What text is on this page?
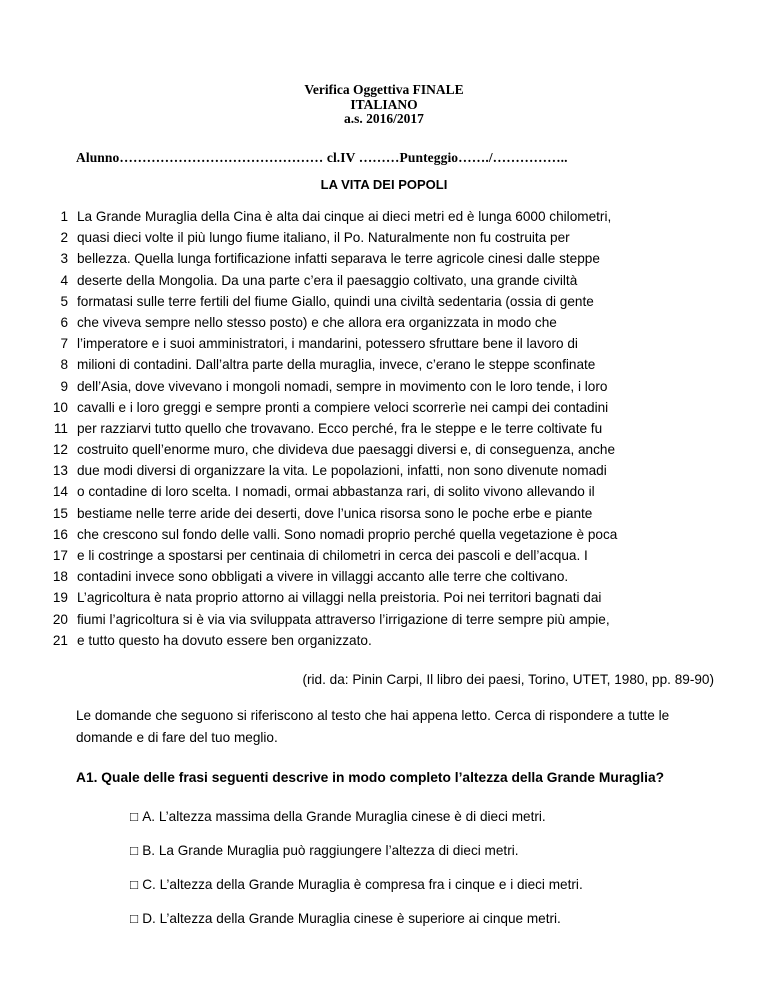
Verifica Oggettiva FINALE
ITALIANO
a.s. 2016/2017
Alunno……………………………………… cl.IV ………Punteggio……./……………..
LA VITA DEI POPOLI
1 La Grande Muraglia della Cina è alta dai cinque ai dieci metri ed è lunga 6000 chilometri,
2 quasi dieci volte il più lungo fiume italiano, il Po. Naturalmente non fu costruita per
3 bellezza. Quella lunga fortificazione infatti separava le terre agricole cinesi dalle steppe
4 deserte della Mongolia. Da una parte c’era il paesaggio coltivato, una grande civiltà
5 formatasi sulle terre fertili del fiume Giallo, quindi una civiltà sedentaria (ossia di gente
6 che viveva sempre nello stesso posto) e che allora era organizzata in modo che
7 l’imperatore e i suoi amministratori, i mandarini, potessero sfruttare bene il lavoro di
8 milioni di contadini. Dall’altra parte della muraglia, invece, c’erano le steppe sconfinate
9 dell’Asia, dove vivevano i mongoli nomadi, sempre in movimento con le loro tende, i loro
10 cavalli e i loro greggi e sempre pronti a compiere veloci scorrerìe nei campi dei contadini
11 per razziarvi tutto quello che trovavano. Ecco perché, fra le steppe e le terre coltivate fu
12 costruito quell’enorme muro, che divideva due paesaggi diversi e, di conseguenza, anche
13 due modi diversi di organizzare la vita. Le popolazioni, infatti, non sono divenute nomadi
14 o contadine di loro scelta. I nomadi, ormai abbastanza rari, di solito vivono allevando il
15 bestiame nelle terre aride dei deserti, dove l’unica risorsa sono le poche erbe e piante
16 che crescono sul fondo delle valli. Sono nomadi proprio perché quella vegetazione è poca
17 e li costringe a spostarsi per centinaia di chilometri in cerca dei pascoli e dell’acqua. I
18 contadini invece sono obbligati a vivere in villaggi accanto alle terre che coltivano.
19 L’agricoltura è nata proprio attorno ai villaggi nella preistoria. Poi nei territori bagnati dai
20 fiumi l’agricoltura si è via via sviluppata attraverso l’irrigazione di terre sempre più ampie,
21 e tutto questo ha dovuto essere ben organizzato.
(rid. da: Pinin Carpi, Il libro dei paesi, Torino, UTET, 1980, pp. 89-90)
Le domande che seguono si riferiscono al testo che hai appena letto. Cerca di rispondere a tutte le domande e di fare del tuo meglio.
A1. Quale delle frasi seguenti descrive in modo completo l’altezza della Grande Muraglia?
□ A. L’altezza massima della Grande Muraglia cinese è di dieci metri.
□ B. La Grande Muraglia può raggiungere l’altezza di dieci metri.
□ C. L’altezza della Grande Muraglia è compresa fra i cinque e i dieci metri.
□ D. L’altezza della Grande Muraglia cinese è superiore ai cinque metri.
